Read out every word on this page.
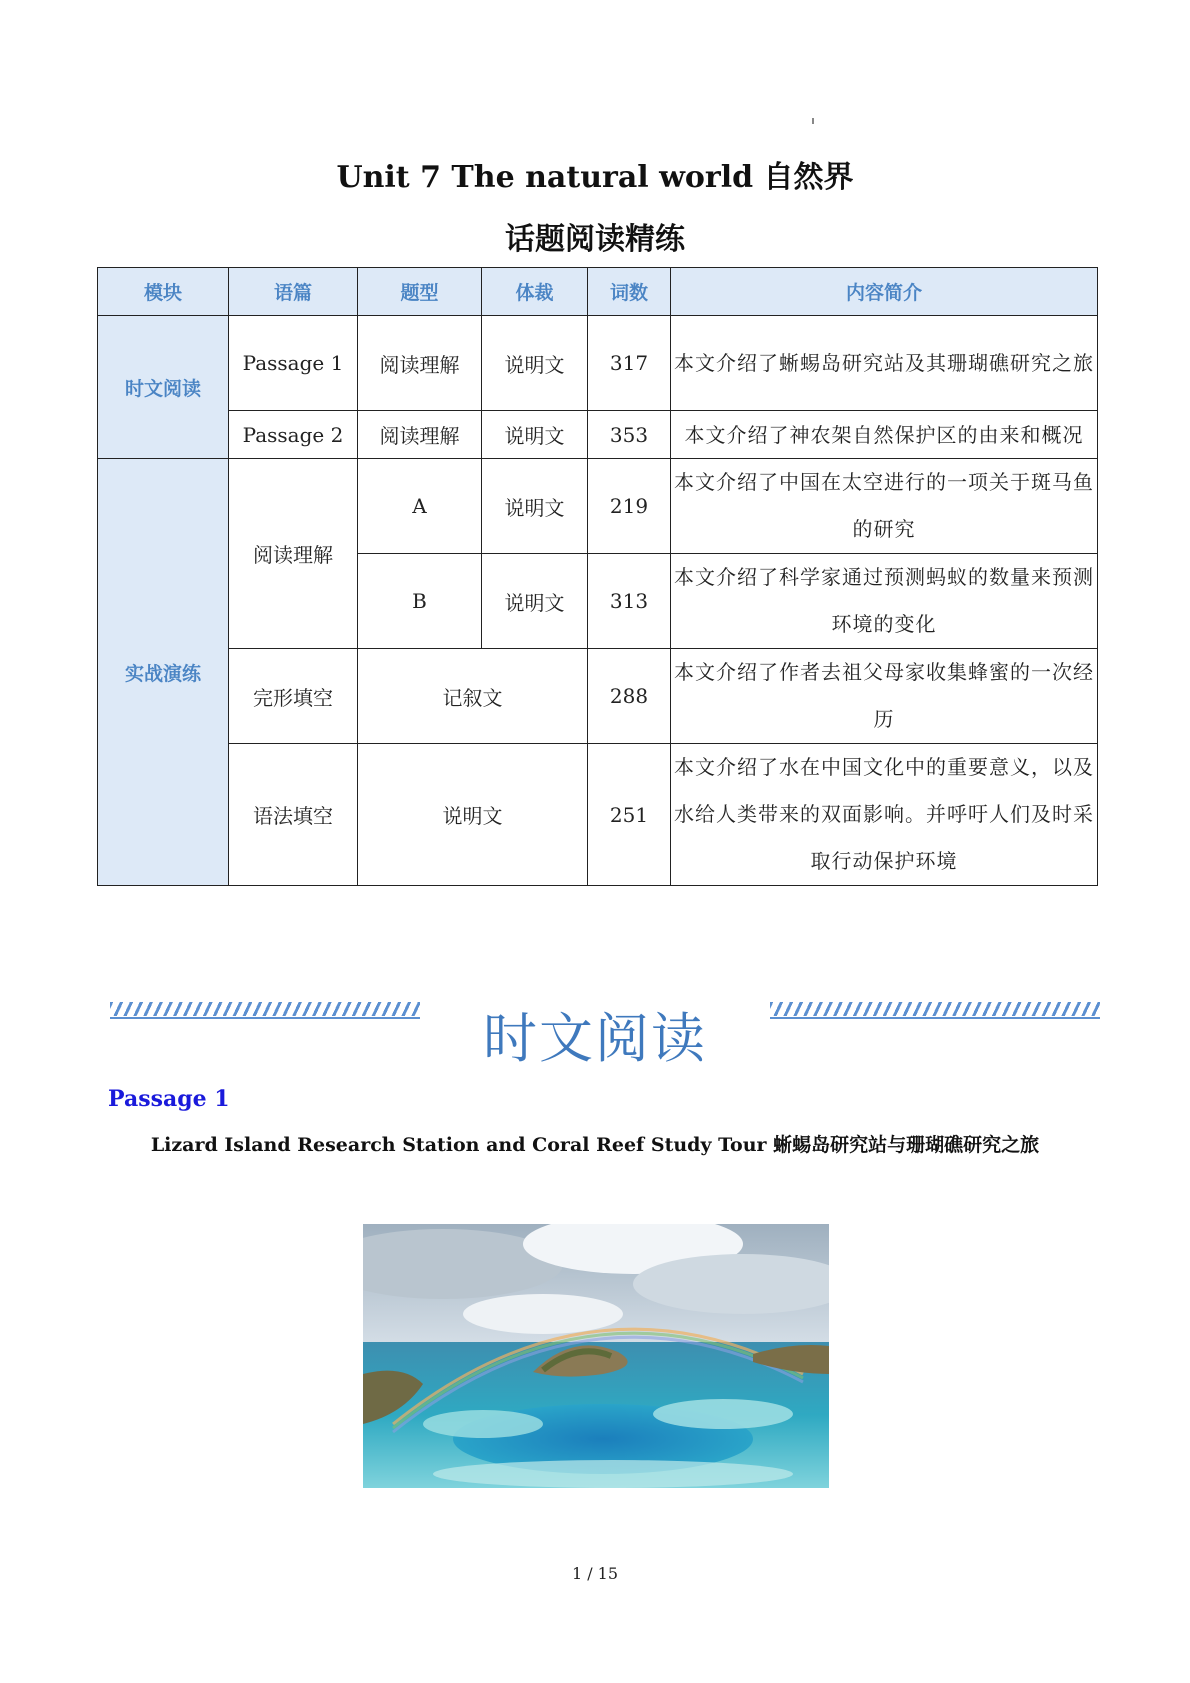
Unit 7 The natural world 自然界
话题阅读精练
模块	语篇	题型	体裁	词数	内容简介
时文阅读	Passage 1	阅读理解	说明文	317	本文介绍了蜥蜴岛研究站及其珊瑚礁研究之旅
	Passage 2	阅读理解	说明文	353	本文介绍了神农架自然保护区的由来和概况
实战演练	阅读理解	A	说明文	219	本文介绍了中国在太空进行的一项关于斑马鱼的研究
		B	说明文	313	本文介绍了科学家通过预测蚂蚁的数量来预测环境的变化
	完形填空	记叙文		288	本文介绍了作者去祖父母家收集蜂蜜的一次经历
	语法填空	说明文		251	本文介绍了水在中国文化中的重要意义，以及水给人类带来的双面影响。并呼吁人们及时采取行动保护环境
时文阅读
Passage 1
Lizard Island Research Station and Coral Reef Study Tour 蜥蜴岛研究站与珊瑚礁研究之旅
1 / 15
